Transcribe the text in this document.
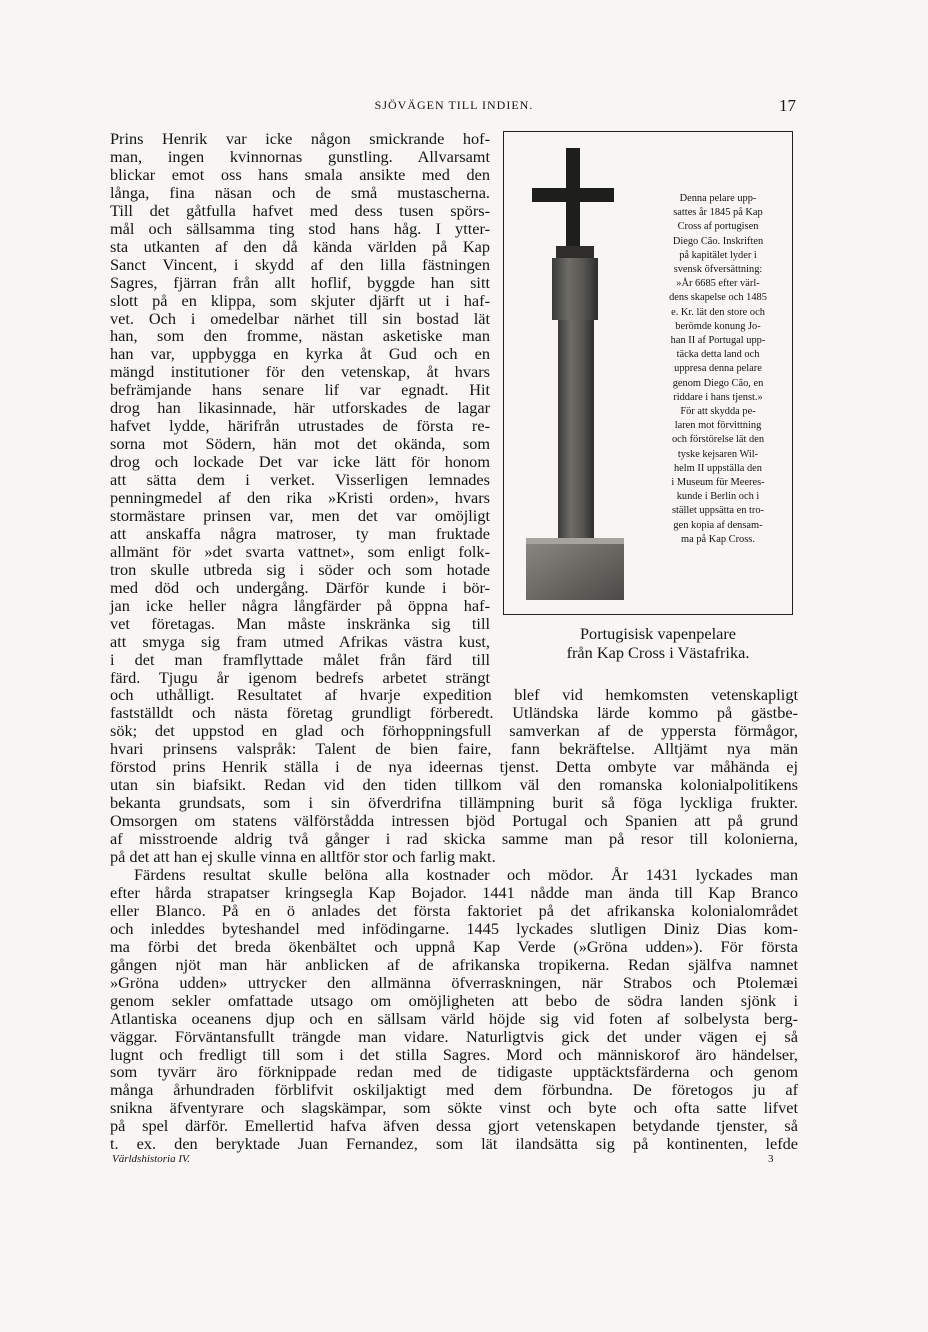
SJÖVÄGEN TILL INDIEN.	17
Prins Henrik var icke någon smickrande hof-
man, ingen kvinnornas gunstling. Allvarsamt
blickar emot oss hans smala ansikte med den
långa, fina näsan och de små mustascherna.
Till det gåtfulla hafvet med dess tusen spörs-
mål och sällsamma ting stod hans håg. I ytter-
sta utkanten af den då kända världen på Kap
Sanct Vincent, i skydd af den lilla fästningen
Sagres, fjärran från allt hoflif, byggde han sitt
slott på en klippa, som skjuter djärft ut i haf-
vet. Och i omedelbar närhet till sin bostad lät
han, som den fromme, nästan asketiske man
han var, uppbygga en kyrka åt Gud och en
mängd institutioner för den vetenskap, åt hvars
befrämjande hans senare lif var egnadt. Hit
drog han likasinnade, här utforskades de lagar
hafvet lydde, härifrån utrustades de första re-
sorna mot Södern, hän mot det okända, som
drog och lockade Det var icke lätt för honom
att sätta dem i verket. Visserligen lemnades
penningmedel af den rika »Kristi orden», hvars
stormästare prinsen var, men det var omöjligt
att anskaffa några matroser, ty man fruktade
allmänt för »det svarta vattnet», som enligt folk-
tron skulle utbreda sig i söder och som hotade
med död och undergång. Därför kunde i bör-
jan icke heller några långfärder på öppna haf-
vet företagas. Man måste inskränka sig till
att smyga sig fram utmed Afrikas västra kust,
i det man framflyttade målet från färd till
färd. Tjugu år igenom bedrefs arbetet strängt
Denna pelare upp-
sattes år 1845 på Kap
Cross af portugisen
Diego Cão. Inskriften
på kapitälet lyder i
svensk öfversättning:
»År 6685 efter värl-
dens skapelse och 1485
e. Kr. lät den store och
berömde konung Jo-
han II af Portugal upp-
täcka detta land och
uppresa denna pelare
genom Diego Cão, en
riddare i hans tjenst.»
För att skydda pe-
laren mot förvittning
och förstörelse lät den
tyske kejsaren Wil-
helm II uppställa den
i Museum für Meeres-
kunde i Berlin och i
stället uppsätta en tro-
gen kopia af densam-
ma på Kap Cross.
Portugisisk vapenpelare
från Kap Cross i Västafrika.
och uthålligt. Resultatet af hvarje expedition blef vid hemkomsten vetenskapligt
fastställdt och nästa företag grundligt förberedt. Utländska lärde kommo på gästbe-
sök; det uppstod en glad och förhoppningsfull samverkan af de yppersta förmågor,
hvari prinsens valspråk: Talent de bien faire, fann bekräftelse. Alltjämt nya män
förstod prins Henrik ställa i de nya ideernas tjenst. Detta ombyte var måhända ej
utan sin biafsikt. Redan vid den tiden tillkom väl den romanska kolonialpolitikens
bekanta grundsats, som i sin öfverdrifna tillämpning burit så föga lyckliga frukter.
Omsorgen om statens välförstådda intressen bjöd Portugal och Spanien att på grund
af misstroende aldrig två gånger i rad skicka samme man på resor till kolonierna,
på det att han ej skulle vinna en alltför stor och farlig makt.
Färdens resultat skulle belöna alla kostnader och mödor. År 1431 lyckades man
efter hårda strapatser kringsegla Kap Bojador. 1441 nådde man ända till Kap Branco
eller Blanco. På en ö anlades det första faktoriet på det afrikanska kolonialområdet
och inleddes byteshandel med infödingarne. 1445 lyckades slutligen Diniz Dias kom-
ma förbi det breda ökenbältet och uppnå Kap Verde (»Gröna udden»). För första
gången njöt man här anblicken af de afrikanska tropikerna. Redan själfva namnet
»Gröna udden» uttrycker den allmänna öfverraskningen, när Strabos och Ptolemæi
genom sekler omfattade utsago om omöjligheten att bebo de södra landen sjönk i
Atlantiska oceanens djup och en sällsam värld höjde sig vid foten af solbelysta berg-
väggar. Förväntansfullt trängde man vidare. Naturligtvis gick det under vägen ej så
lugnt och fredligt till som i det stilla Sagres. Mord och människorof äro händelser,
som tyvärr äro förknippade redan med de tidigaste upptäcktsfärderna och genom
många århundraden förblifvit oskiljaktigt med dem förbundna. De företogos ju af
snikna äfventyrare och slagskämpar, som sökte vinst och byte och ofta satte lifvet
på spel därför. Emellertid hafva äfven dessa gjort vetenskapen betydande tjenster, så
t. ex. den beryktade Juan Fernandez, som lät ilandsätta sig på kontinenten, lefde
Världshistoria IV.	3
